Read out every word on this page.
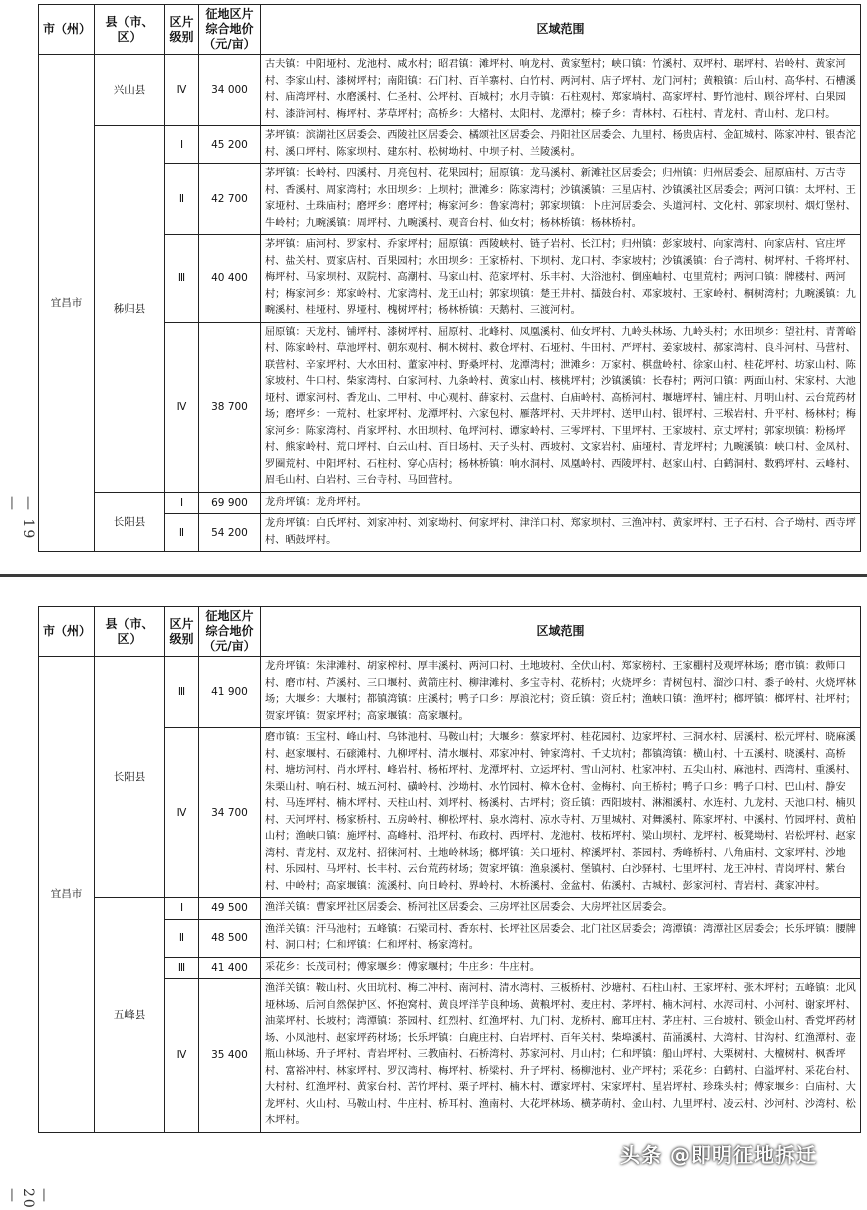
— 19 —
市（州）	县（市、区）	区片级别	征地区片综合地价（元/亩）	区域范围
宜昌市	兴山县	Ⅳ	34 000	古夫镇：中阳垭村、龙池村、咸水村；昭君镇：滩坪村、响龙村、黄家堑村；峡口镇：竹溪村、双坪村、琚坪村、岩岭村、黄家河村、李家山村、漆树坪村；南阳镇：石门村、百羊寨村、白竹村、两河村、店子坪村、龙门河村；黄粮镇：后山村、高华村、石槽溪村、庙湾坪村、水磨溪村、仁圣村、公坪村、百城村；水月寺镇：石柱观村、郑家埫村、高家坪村、野竹池村、顾谷坪村、白果园村、漆浒河村、梅坪村、茅草坪村；高桥乡：大楮村、太阳村、龙潭村；榛子乡：青林村、石柱村、青龙村、青山村、龙口村。
	秭归县	Ⅰ	45 200	茅坪镇：滨湖社区居委会、西陵社区居委会、橘颂社区居委会、丹阳社区居委会、九里村、杨贵店村、金缸城村、陈家冲村、银杏沱村、溪口坪村、陈家坝村、建东村、松树坳村、中坝子村、兰陵溪村。
		Ⅱ	42 700	茅坪镇：长岭村、四溪村、月亮包村、花果园村；屈原镇：龙马溪村、新滩社区居委会；归州镇：归州居委会、屈原庙村、万古寺村、香溪村、周家湾村；水田坝乡：上坝村；泄滩乡：陈家湾村；沙镇溪镇：三星店村、沙镇溪社区居委会；两河口镇：太坪村、王家垭村、土珠庙村；磨坪乡：磨坪村；梅家河乡：鲁家湾村；郭家坝镇：卜庄河居委会、头道河村、文化村、郭家坝村、烟灯堡村、牛岭村；九畹溪镇：周坪村、九畹溪村、观音台村、仙女村；杨林桥镇：杨林桥村。
		Ⅲ	40 400	茅坪镇：庙河村、罗家村、乔家坪村；屈原镇：西陵峡村、链子岩村、长江村；归州镇：彭家坡村、向家湾村、向家店村、官庄坪村、盐关村、贾家店村、百果园村；水田坝乡：王家桥村、下坝村、龙口村、李家坡村；沙镇溪镇：台子湾村、树坪村、千将坪村、梅坪村、马家坝村、双院村、高潮村、马家山村、范家坪村、乐丰村、大浴池村、倒座岫村、屯里荒村；两河口镇：牌楼村、两河村；梅家河乡：郑家岭村、尤家湾村、龙王山村；郭家坝镇：楚王井村、擂鼓台村、邓家坡村、王家岭村、桐树湾村；九畹溪镇：九畹溪村、桂垭村、界垭村、槐树坪村；杨林桥镇：天鹅村、三渡河村。
		Ⅳ	38 700	屈原镇：天龙村、铺坪村、漆树坪村、屈原村、北峰村、凤凰溪村、仙女坪村、九岭头林场、九岭头村；水田坝乡：望社村、青菁峪村、陈家岭村、草池坪村、朝东观村、桐木树村、救仓坪村、石垭村、牛田村、严坪村、姜家坡村、郝家湾村、良斗河村、马营村、联营村、辛家坪村、大水田村、董家冲村、野桑坪村、龙潭湾村；泄滩乡：万家村、棋盘岭村、徐家山村、桂花坪村、坊家山村、陈家坡村、牛口村、柴家湾村、白家河村、九条岭村、黄家山村、核桃坪村；沙镇溪镇：长春村；两河口镇：两面山村、宋家村、大池垭村、谭家河村、香龙山、二甲村、中心观村、薛家村、云盘村、白庙岭村、高桥河村、堰塘坪村、铺庄村、月明山村、云台荒药材场；磨坪乡：一荒村、杜家坪村、龙潭坪村、六家包村、雁落坪村、天井坪村、送甲山村、银坪村、三堠岩村、升平村、杨林村；梅家河乡：陈家湾村、肖家坪村、水田坝村、龟坪河村、谭家岭村、三零坪村、下里坪村、王家坡村、京丈坪村；郭家坝镇：粉杨坪村、熊家岭村、荒口坪村、白云山村、百日场村、天子头村、西坡村、文家岩村、庙垭村、青龙坪村；九畹溪镇：峡口村、金凤村、罗圈荒村、中阳坪村、石柱村、穿心店村；杨林桥镇：响水洞村、凤凰岭村、西陵坪村、赵家山村、白鹤洞村、数鸦坪村、云峰村、眉毛山村、白岩村、三台寺村、马回营村。
	长阳县	Ⅰ	69 900	龙舟坪镇：龙舟坪村。
		Ⅱ	54 200	龙舟坪镇：白氏坪村、刘家冲村、刘家坳村、何家坪村、津洋口村、郑家坝村、三渔冲村、黄家坪村、王子石村、合子坳村、西寺坪村、晒鼓坪村。
— 20 —
市（州）	县（市、区）	区片级别	征地区片综合地价（元/亩）	区域范围
宜昌市	长阳县	Ⅲ	41 900	龙舟坪镇：朱津滩村、胡家榨村、厚丰溪村、两河口村、土地坡村、全伏山村、郑家榜村、王家棚村及观坪林场；磨市镇：救师口村、磨市村、芦溪村、三口堰村、黄箭庄村、柳津滩村、多宝寺村、花桥村；火烧坪乡：青树包村、溜沙口村、黍子岭村、火烧坪林场；大堰乡：大堰村；都镇湾镇：庄溪村；鸭子口乡：厚浪沱村；资丘镇：资丘村；渔峡口镇：渔坪村；榔坪镇：榔坪村、社坪村；贺家坪镇：贺家坪村；高家堰镇：高家堰村。
		Ⅳ	34 700	磨市镇：玉宝村、峰山村、乌钵池村、马鞍山村；大堰乡：蔡家坪村、桂花园村、边家坪村、三洞水村、居溪村、松元坪村、晓麻溪村、赵家堰村、石磙滩村、九柳坪村、清水堰村、邓家冲村、钟家湾村、千丈坑村；都镇湾镇：横山村、十五溪村、晓溪村、高桥村、塘坊河村、肖水坪村、峰岩村、杨柘坪村、龙潭坪村、立运坪村、雪山河村、杜家冲村、五尖山村、麻池村、西湾村、重溪村、朱栗山村、响石村、城五河村、磺岭村、沙坳村、水竹园村、樟木仓村、金梅村、向王桥村；鸭子口乡：鸭子口村、巴山村、静安村、马连坪村、楠木坪村、天柱山村、刘坪村、杨溪村、古坪村；资丘镇：西阳坡村、淋湘溪村、水连村、九龙村、天池口村、楠贝村、天河坪村、杨家桥村、五房岭村、柳松坪村、泉水湾村、凉水寺村、万里城村、对舞溪村、陈家坪村、中溪村、竹园坪村、黄柏山村；渔峡口镇：施坪村、高峰村、沿坪村、布政村、西坪村、龙池村、枝柘坪村、梁山坝村、龙坪村、板凳坳村、岩松坪村、赵家湾村、青龙村、双龙村、招徕河村、土地岭林场；榔坪镇：关口垭村、榨溪坪村、茶园村、秀峰桥村、八角庙村、文家坪村、沙地村、乐园村、马坪村、长丰村、云台荒药材场；贺家坪镇：渔泉溪村、堡镇村、白沙驿村、七里坪村、龙王冲村、青岗坪村、紫台村、中岭村；高家堰镇：流溪村、向日岭村、界岭村、木桥溪村、金盆村、佑溪村、古城村、彭家河村、青岩村、龚家冲村。
	五峰县	Ⅰ	49 500	渔洋关镇：曹家坪社区居委会、桥河社区居委会、三房坪社区居委会、大房坪社区居委会。
		Ⅱ	48 500	渔洋关镇：汗马池村；五峰镇：石梁司村、香东村、长坪社区居委会、北门社区居委会；湾潭镇：湾潭社区居委会；长乐坪镇：腰牌村、洞口村；仁和坪镇：仁和坪村、杨家湾村。
		Ⅲ	41 400	采花乡：长茂司村；傅家堰乡：傅家堰村；牛庄乡：牛庄村。
		Ⅳ	35 400	渔洋关镇：鞍山村、火田坑村、梅二冲村、南河村、清水湾村、三板桥村、沙塘村、石柱山村、王家坪村、张木坪村；五峰镇：北风垭林场、后河自然保护区、怀抱窝村、黄良坪洋芋良种场、黄粮坪村、麦庄村、茅坪村、楠木河村、水浕司村、小河村、谢家坪村、油菜坪村、长坡村；湾潭镇：茶园村、红烈村、红渔坪村、九门村、龙桥村、廊耳庄村、茅庄村、三台坡村、锁金山村、香党坪药材场、小凤池村、赵家坪药材场；长乐坪镇：白鹿庄村、白岩坪村、百年关村、柴埠溪村、苗涌溪村、大湾村、甘沟村、红渔潭村、壶瓶山林场、升子坪村、青岩坪村、三教庙村、石桥湾村、苏家河村、月山村；仁和坪镇：船山坪村、大栗树村、大檀树村、枫香坪村、富裕冲村、林家坪村、罗汉湾村、梅坪村、桥梁村、升子坪村、杨柳池村、业产坪村；采花乡：白鹤村、白溢坪村、采花台村、大村村、红渔坪村、黄家台村、苦竹坪村、栗子坪村、楠木村、谭家坪村、宋家坪村、星岩坪村、珍珠头村；傅家堰乡：白庙村、大龙坪村、火山村、马鞍山村、牛庄村、桥耳村、渔南村、大花坪林场、横茅萌村、金山村、九里坪村、凌云村、沙河村、沙湾村、松木坪村。
头条 @即明征地拆迁
